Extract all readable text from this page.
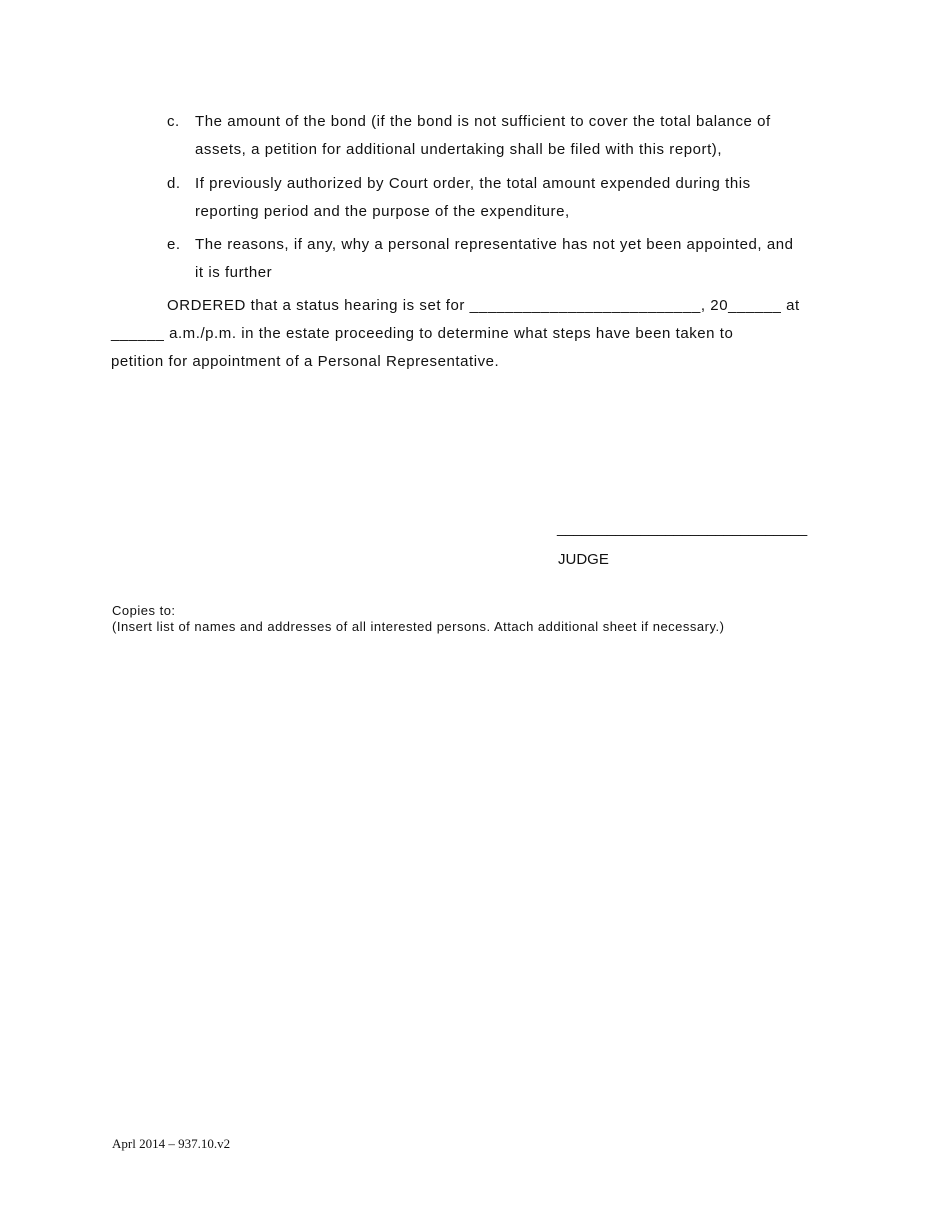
c. The amount of the bond (if the bond is not sufficient to cover the total balance of
assets, a petition for additional undertaking shall be filed with this report),
d. If previously authorized by Court order, the total amount expended during this
reporting period and the purpose of the expenditure,
e. The reasons, if any, why a personal representative has not yet been appointed, and
it is further
ORDERED that a status hearing is set for __________________________, 20______ at
______ a.m./p.m. in the estate proceeding to determine what steps have been taken to
petition for appointment of a Personal Representative.
______________________________
JUDGE
Copies to:
(Insert list of names and addresses of all interested persons. Attach additional sheet if necessary.)
Aprl 2014 – 937.10.v2
